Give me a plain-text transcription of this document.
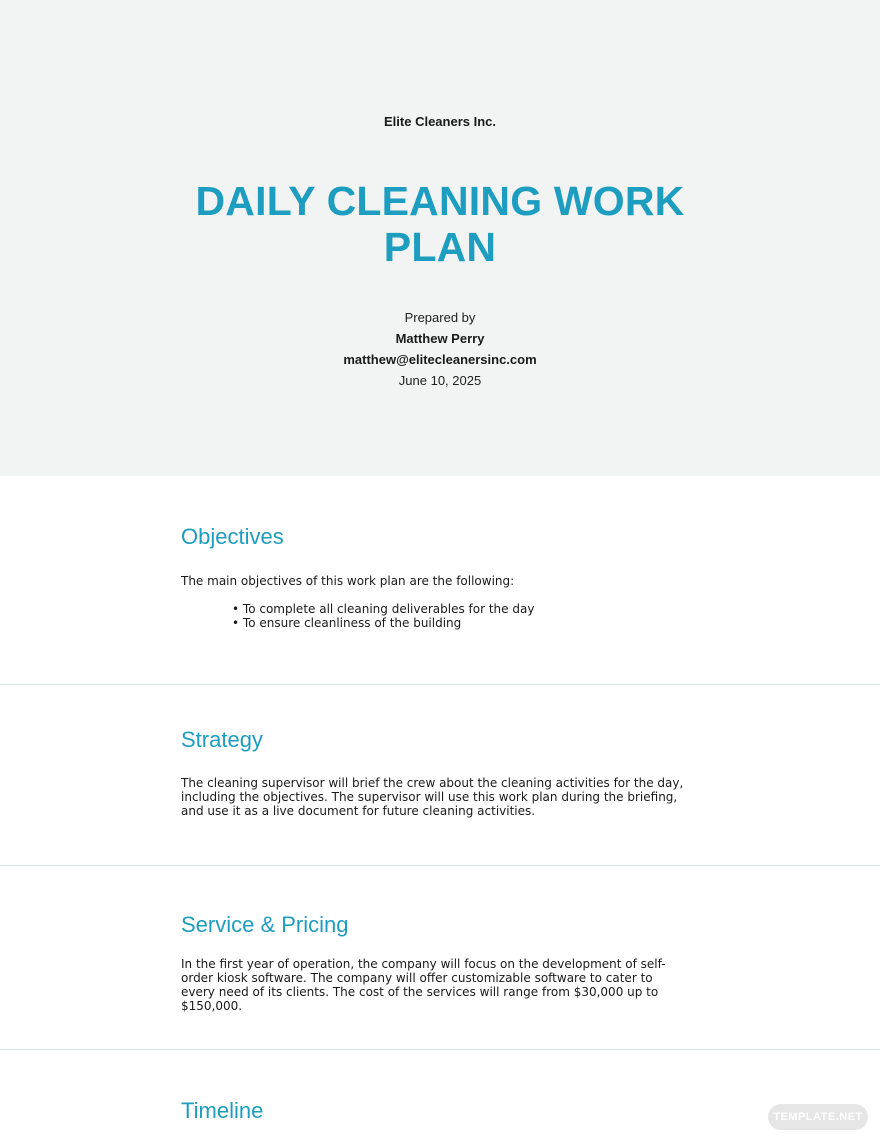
Elite Cleaners Inc.
DAILY CLEANING WORK PLAN
Prepared by
Matthew Perry
matthew@elitecleanersinc.com
June 10, 2025
Objectives

The main objectives of this work plan are the following:

• To complete all cleaning deliverables for the day
• To ensure cleanliness of the building
Strategy

The cleaning supervisor will brief the crew about the cleaning activities for the day, including the objectives. The supervisor will use this work plan during the briefing, and use it as a live document for future cleaning activities.

Service & Pricing

In the first year of operation, the company will focus on the development of self-order kiosk software. The company will offer customizable software to cater to every need of its clients. The cost of the services will range from $30,000 up to $150,000.

Timeline	TEMPLATE.NET
